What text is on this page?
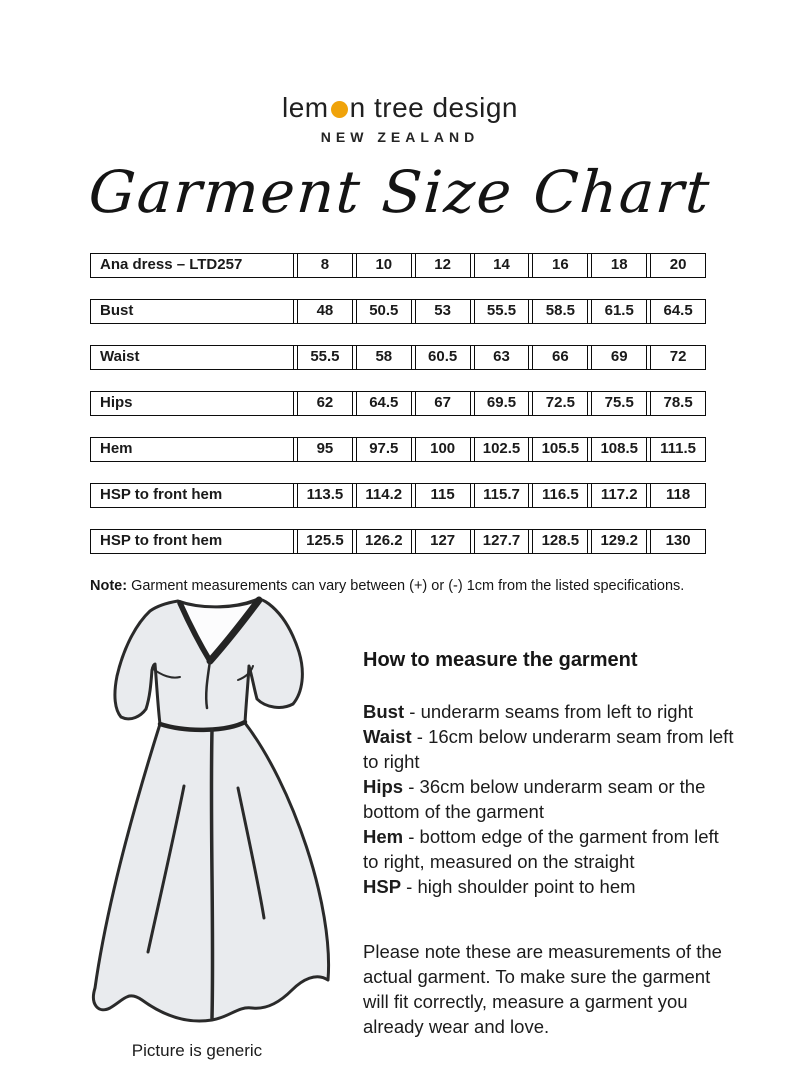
lem n tree design
NEW ZEALAND
Garment Size Chart
Ana dress – LTD257	8	10	12	14	16	18	20
Bust	48	50.5	53	55.5	58.5	61.5	64.5
Waist	55.5	58	60.5	63	66	69	72
Hips	62	64.5	67	69.5	72.5	75.5	78.5
Hem	95	97.5	100	102.5	105.5	108.5	111.5
HSP to front hem	113.5	114.2	115	115.7	116.5	117.2	118
HSP to front hem	125.5	126.2	127	127.7	128.5	129.2	130
Note: Garment measurements can vary between (+) or (-) 1cm from the listed specifications.
Picture is generic
How to measure the garment
Bust - underarm seams from left to right
Waist - 16cm below underarm seam from left to right
Hips - 36cm below underarm seam or the bottom of the garment
Hem - bottom edge of the garment from left to right, measured on the straight
HSP - high shoulder point to hem
Please note these are measurements of the actual garment. To make sure the garment will fit correctly, measure a garment you already wear and love.
